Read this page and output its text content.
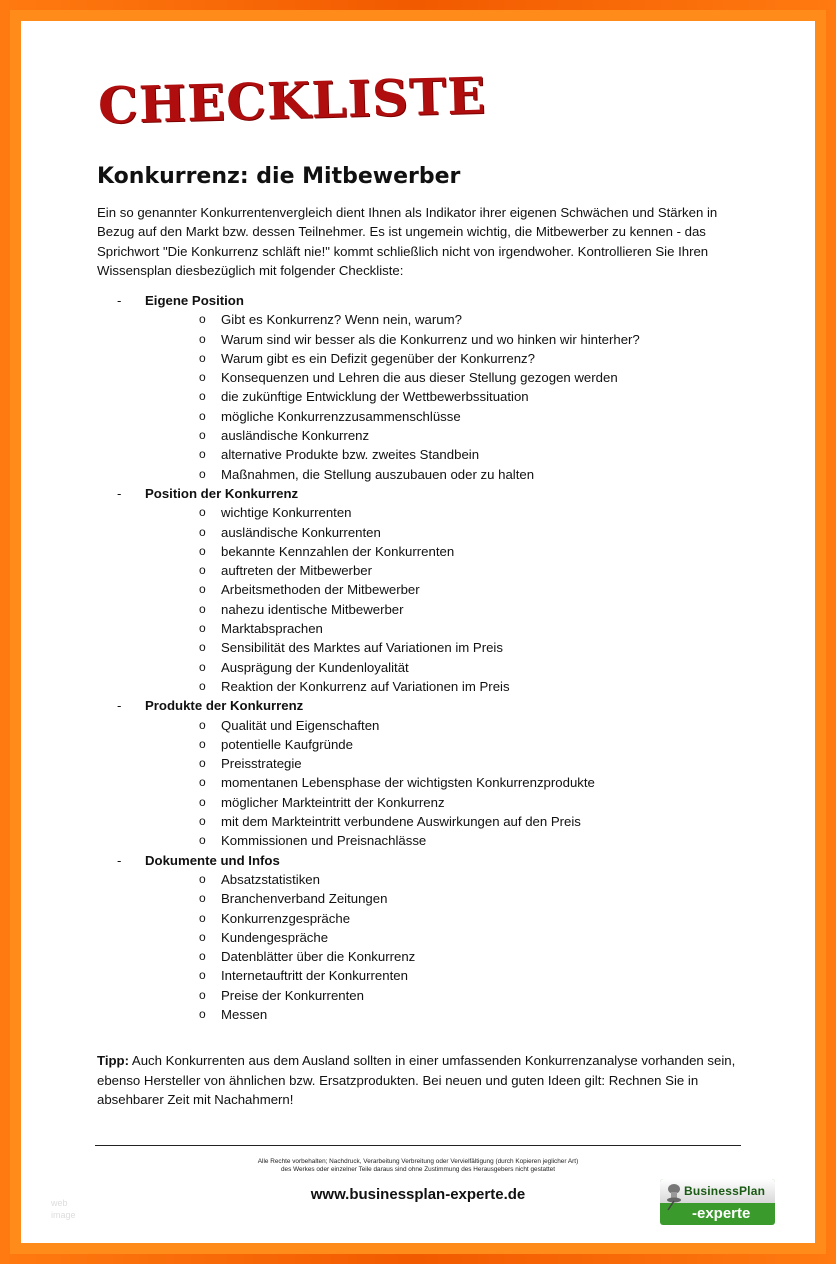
CHECKLISTE
Konkurrenz: die Mitbewerber
Ein so genannter Konkurrentenvergleich dient Ihnen als Indikator ihrer eigenen Schwächen und Stärken in Bezug auf den Markt bzw. dessen Teilnehmer. Es ist ungemein wichtig, die Mitbewerber zu kennen - das Sprichwort "Die Konkurrenz schläft nie!" kommt schließlich nicht von irgendwoher. Kontrollieren Sie Ihren Wissensplan diesbezüglich mit folgender Checkliste:
- Eigene Position
o Gibt es Konkurrenz? Wenn nein, warum?
o Warum sind wir besser als die Konkurrenz und wo hinken wir hinterher?
o Warum gibt es ein Defizit gegenüber der Konkurrenz?
o Konsequenzen und Lehren die aus dieser Stellung gezogen werden
o die zukünftige Entwicklung der Wettbewerbssituation
o mögliche Konkurrenzzusammenschlüsse
o ausländische Konkurrenz
o alternative Produkte bzw. zweites Standbein
o Maßnahmen, die Stellung auszubauen oder zu halten
- Position der Konkurrenz
o wichtige Konkurrenten
o ausländische Konkurrenten
o bekannte Kennzahlen der Konkurrenten
o auftreten der Mitbewerber
o Arbeitsmethoden der Mitbewerber
o nahezu identische Mitbewerber
o Marktabsprachen
o Sensibilität des Marktes auf Variationen im Preis
o Ausprägung der Kundenloyalität
o Reaktion der Konkurrenz auf Variationen im Preis
- Produkte der Konkurrenz
o Qualität und Eigenschaften
o potentielle Kaufgründe
o Preisstrategie
o momentanen Lebensphase der wichtigsten Konkurrenzprodukte
o möglicher Markteintritt der Konkurrenz
o mit dem Markteintritt verbundene Auswirkungen auf den Preis
o Kommissionen und Preisnachlässe
- Dokumente und Infos
o Absatzstatistiken
o Branchenverband Zeitungen
o Konkurrenzgespräche
o Kundengespräche
o Datenblätter über die Konkurrenz
o Internetauftritt der Konkurrenten
o Preise der Konkurrenten
o Messen
Tipp: Auch Konkurrenten aus dem Ausland sollten in einer umfassenden Konkurrenzanalyse vorhanden sein, ebenso Hersteller von ähnlichen bzw. Ersatzprodukten. Bei neuen und guten Ideen gilt: Rechnen Sie in absehbarer Zeit mit Nachahmern!
Alle Rechte vorbehalten; Nachdruck, Verarbeitung Verbreitung oder Vervielfältigung (durch Kopieren jeglicher Art)
des Werkes oder einzelner Teile daraus sind ohne Zustimmung des Herausgebers nicht gestattet
www.businessplan-experte.de
web
image
BusinessPlan
-experte
